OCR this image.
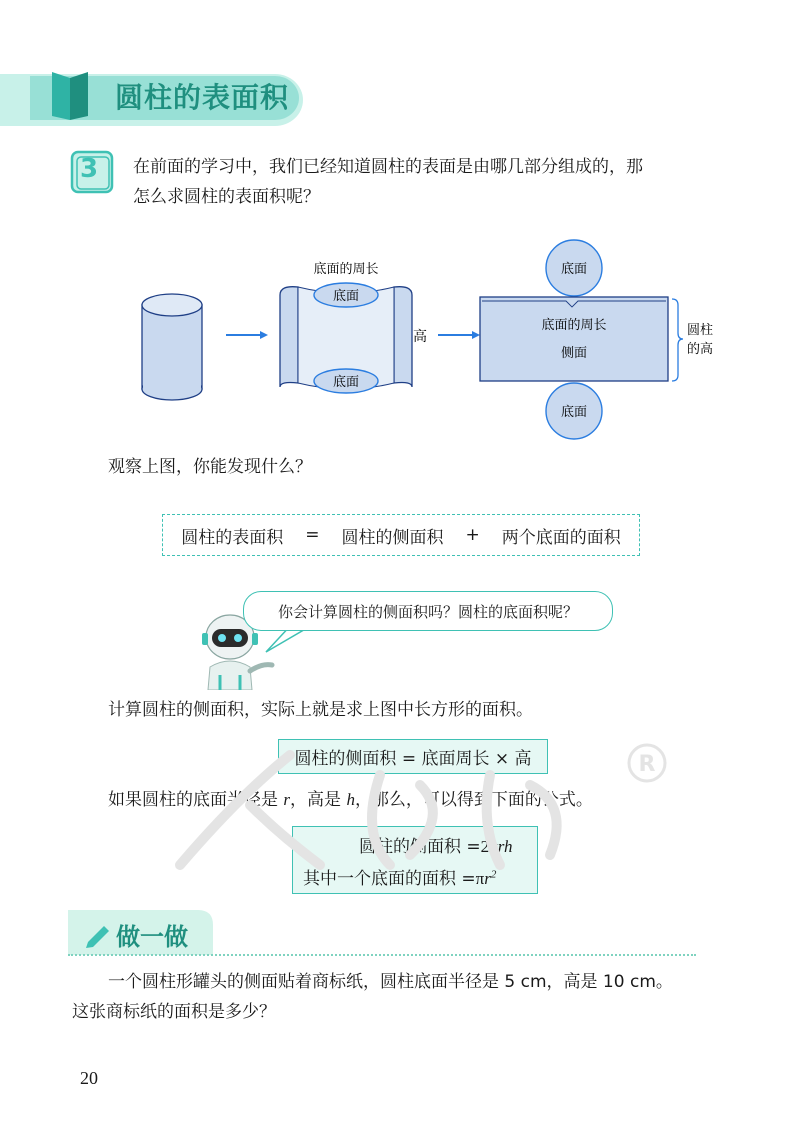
圆柱的表面积
3 在前面的学习中，我们已经知道圆柱的表面是由哪几部分组成的，那
怎么求圆柱的表面积呢？
底面
底面
底面的周长
高
底面
底面的周长
侧面
底面
圆柱
的高
观察上图，你能发现什么？
圆柱的表面积 = 圆柱的侧面积 + 两个底面的面积
你会计算圆柱的侧面积吗？圆柱的底面积呢？
计算圆柱的侧面积，实际上就是求上图中长方形的面积。
圆柱的侧面积 = 底面周长 × 高
如果圆柱的底面半径是 r，高是 h，那么，可以得到下面的公式。
圆柱的侧面积 =2πrh
其中一个底面的面积 $=\pi r^2$
R
做一做
一个圆柱形罐头的侧面贴着商标纸，圆柱底面半径是 5 cm，高是 10 cm。
这张商标纸的面积是多少？
20
